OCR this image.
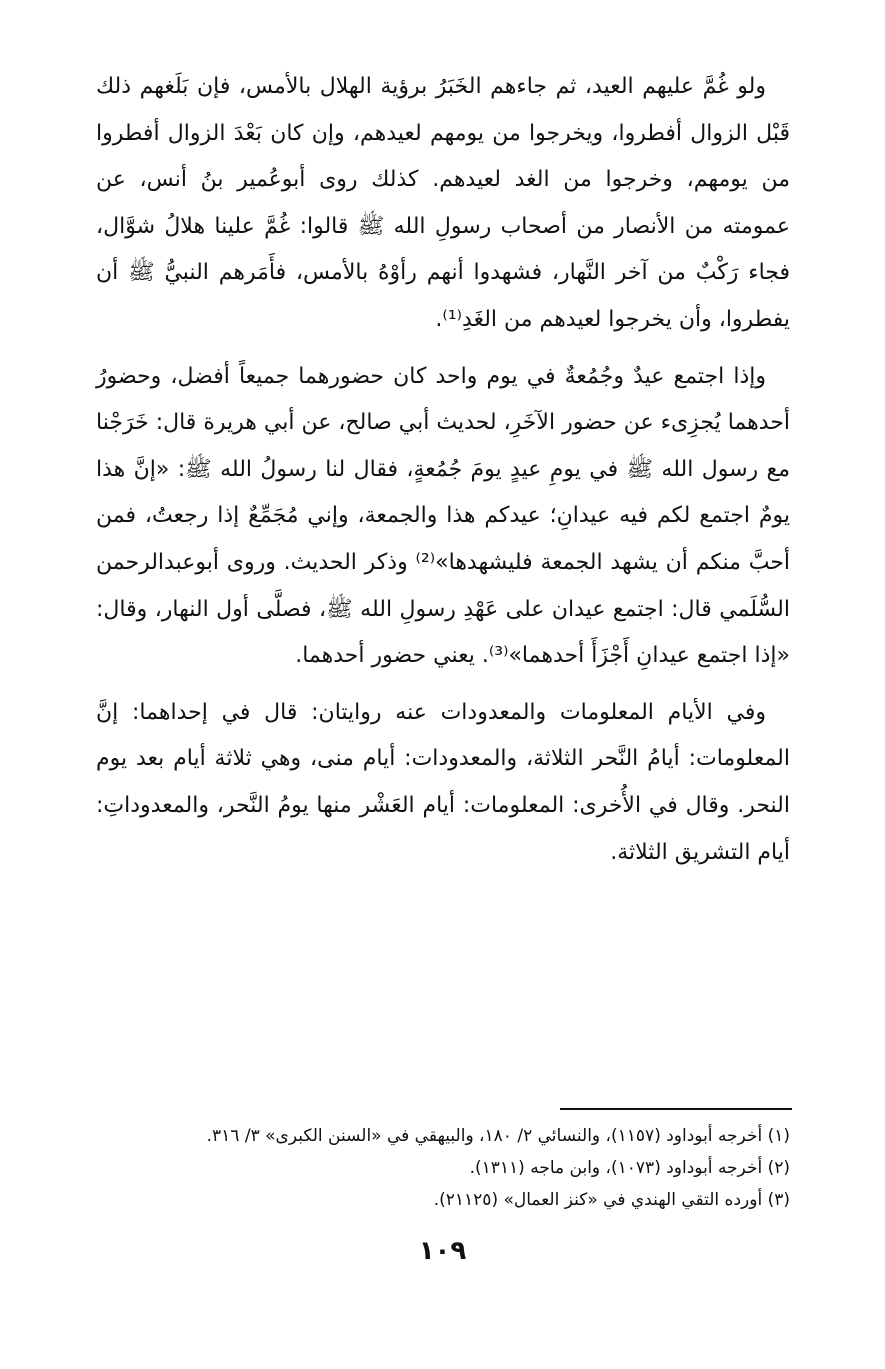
ولو غُمَّ عليهم العيد، ثم جاءهم الخَبَرُ برؤية الهلال بالأمس، فإن بَلَغهم ذلك قَبْل الزوال أفطروا، ويخرجوا من يومهم لعيدهم، وإن كان بَعْدَ الزوال أفطروا من يومهم، وخرجوا من الغد لعيدهم. كذلك روى أبوعُمير بنُ أنس، عن عمومته من الأنصار من أصحاب رسولِ الله ﷺ قالوا: غُمَّ علينا هلالُ شوَّال، فجاء رَكْبٌ من آخر النَّهار، فشهدوا أنهم رأوْهُ بالأمس، فأَمَرهم النبيُّ ﷺ أن يفطروا، وأن يخرجوا لعيدهم من الغَدِ⁽¹⁾.

وإذا اجتمع عيدٌ وجُمُعةٌ في يوم واحد كان حضورهما جميعاً أفضل، وحضورُ أحدهما يُجزِىء عن حضور الآخَرِ، لحديث أبي صالح، عن أبي هريرة قال: خَرَجْنا مع رسول الله ﷺ في يومِ عيدٍ يومَ جُمُعةٍ، فقال لنا رسولُ الله ﷺ: «إنَّ هذا يومٌ اجتمع لكم فيه عيدانِ؛ عيدكم هذا والجمعة، وإني مُجَمِّعٌ إذا رجعتُ، فمن أحبَّ منكم أن يشهد الجمعة فليشهدها»⁽²⁾ وذكر الحديث. وروى أبوعبدالرحمن السُّلَمي قال: اجتمع عيدان على عَهْدِ رسولِ الله ﷺ، فصلَّى أول النهار، وقال: «إذا اجتمع عيدانِ أَجْزَأَ أحدهما»⁽³⁾. يعني حضور أحدهما.

وفي الأيام المعلومات والمعدودات عنه روايتان: قال في إحداهما: إنَّ المعلومات: أيامُ النَّحر الثلاثة، والمعدودات: أيام منى، وهي ثلاثة أيام بعد يوم النحر. وقال في الأُخرى: المعلومات: أيام العَشْر منها يومُ النَّحر، والمعدوداتِ: أيام التشريق الثلاثة.

(١) أخرجه أبوداود (١١٥٧)، والنسائي ٢/ ١٨٠، والبيهقي في «السنن الكبرى» ٣/ ٣١٦.

(٢) أخرجه أبوداود (١٠٧٣)، وابن ماجه (١٣١١).

(٣) أورده التقي الهندي في «كنز العمال» (٢١١٢٥).

١٠٩
